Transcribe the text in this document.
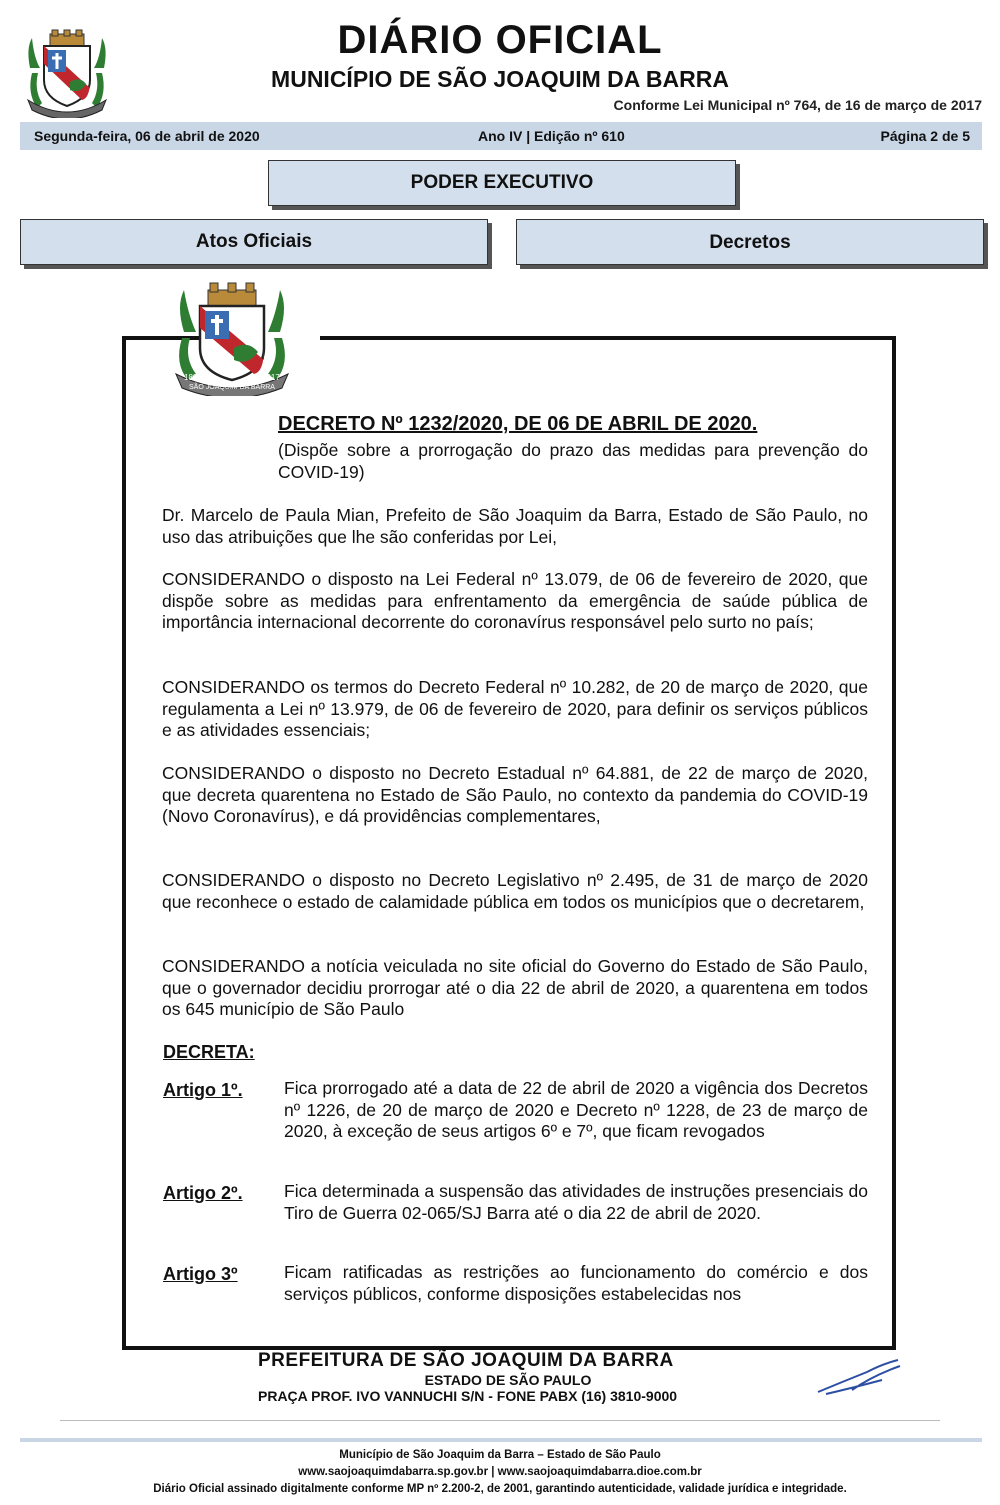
DIÁRIO OFICIAL
MUNICÍPIO DE SÃO JOAQUIM DA BARRA
Conforme Lei Municipal nº 764, de 16 de março de 2017
Segunda-feira, 06 de abril de 2020	Ano IV | Edição nº 610	Página 2 de 5
PODER EXECUTIVO
Atos Oficiais	Decretos
1898	1917
SÃO JOAQUIM DA BARRA
DECRETO Nº 1232/2020, DE 06 DE ABRIL DE 2020.
(Dispõe sobre a prorrogação do prazo das medidas para prevenção do COVID-19)
Dr. Marcelo de Paula Mian, Prefeito de São Joaquim da Barra, Estado de São Paulo, no uso das atribuições que lhe são conferidas por Lei,
CONSIDERANDO o disposto na Lei Federal nº 13.079, de 06 de fevereiro de 2020, que dispõe sobre as medidas para enfrentamento da emergência de saúde pública de importância internacional decorrente do coronavírus responsável pelo surto no país;
CONSIDERANDO os termos do Decreto Federal nº 10.282, de 20 de março de 2020, que regulamenta a Lei nº 13.979, de 06 de fevereiro de 2020, para definir os serviços públicos e as atividades essenciais;
CONSIDERANDO o disposto no Decreto Estadual nº 64.881, de 22 de março de 2020, que decreta quarentena no Estado de São Paulo, no contexto da pandemia do COVID-19 (Novo Coronavírus), e dá providências complementares,
CONSIDERANDO o disposto no Decreto Legislativo nº 2.495, de 31 de março de 2020 que reconhece o estado de calamidade pública em todos os municípios que o decretarem,
CONSIDERANDO a notícia veiculada no site oficial do Governo do Estado de São Paulo, que o governador decidiu prorrogar até o dia 22 de abril de 2020, a quarentena em todos os 645 município de São Paulo
DECRETA:
Artigo 1º. Fica prorrogado até a data de 22 de abril de 2020 a vigência dos Decretos nº 1226, de 20 de março de 2020 e Decreto nº 1228, de 23 de março de 2020, à exceção de seus artigos 6º e 7º, que ficam revogados
Artigo 2º. Fica determinada a suspensão das atividades de instruções presenciais do Tiro de Guerra 02-065/SJ Barra até o dia 22 de abril de 2020.
Artigo 3º	Ficam ratificadas as restrições ao funcionamento do comércio e dos serviços públicos, conforme disposições estabelecidas nos
PREFEITURA DE SÃO JOAQUIM DA BARRA
ESTADO DE SÃO PAULO
PRAÇA PROF. IVO VANNUCHI S/N - FONE PABX (16) 3810-9000
Município de São Joaquim da Barra – Estado de São Paulo
www.saojoaquimdabarra.sp.gov.br | www.saojoaquimdabarra.dioe.com.br
Diário Oficial assinado digitalmente conforme MP nº 2.200-2, de 2001, garantindo autenticidade, validade jurídica e integridade.
